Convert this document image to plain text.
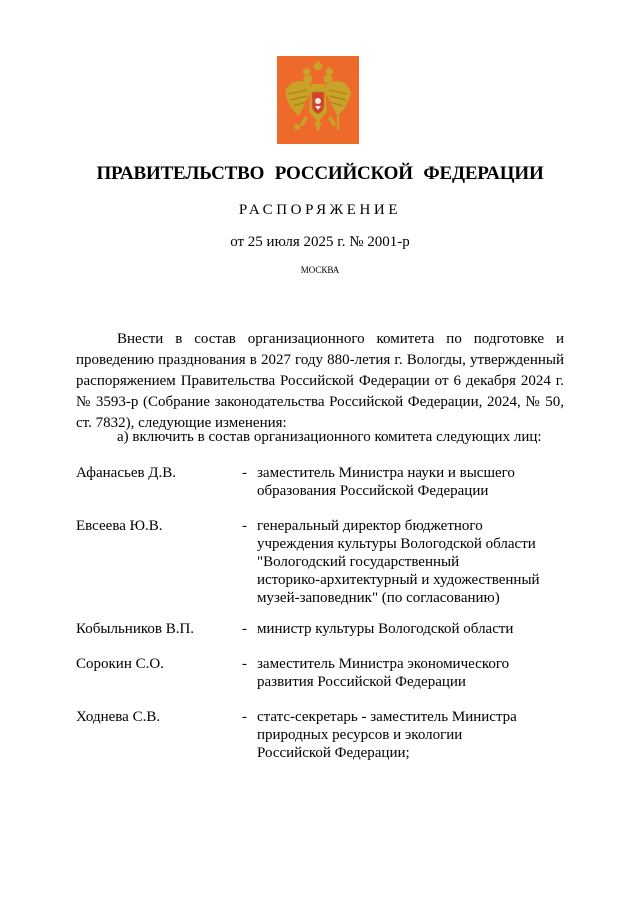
ПРАВИТЕЛЬСТВО РОССИЙСКОЙ ФЕДЕРАЦИИ
РАСПОРЯЖЕНИЕ
от 25 июля 2025 г. № 2001-р
МОСКВА

Внести в состав организационного комитета по подготовке и проведению празднования в 2027 году 880-летия г. Вологды, утвержденный распоряжением Правительства Российской Федерации от 6 декабря 2024 г. № 3593-р (Собрание законодательства Российской Федерации, 2024, № 50, ст. 7832), следующие изменения:

а) включить в состав организационного комитета следующих лиц:

Афанасьев Д.В.	- заместитель Министра науки и высшего
образования Российской Федерации
Евсеева Ю.В.	- генеральный директор бюджетного
учреждения культуры Вологодской области
"Вологодский государственный
историко-архитектурный и художественный
музей-заповедник" (по согласованию)
Кобыльников В.П.	- министр культуры Вологодской области
Сорокин С.О.	- заместитель Министра экономического
развития Российской Федерации
Ходнева С.В.	- статс-секретарь - заместитель Министра
природных ресурсов и экологии
Российской Федерации;
